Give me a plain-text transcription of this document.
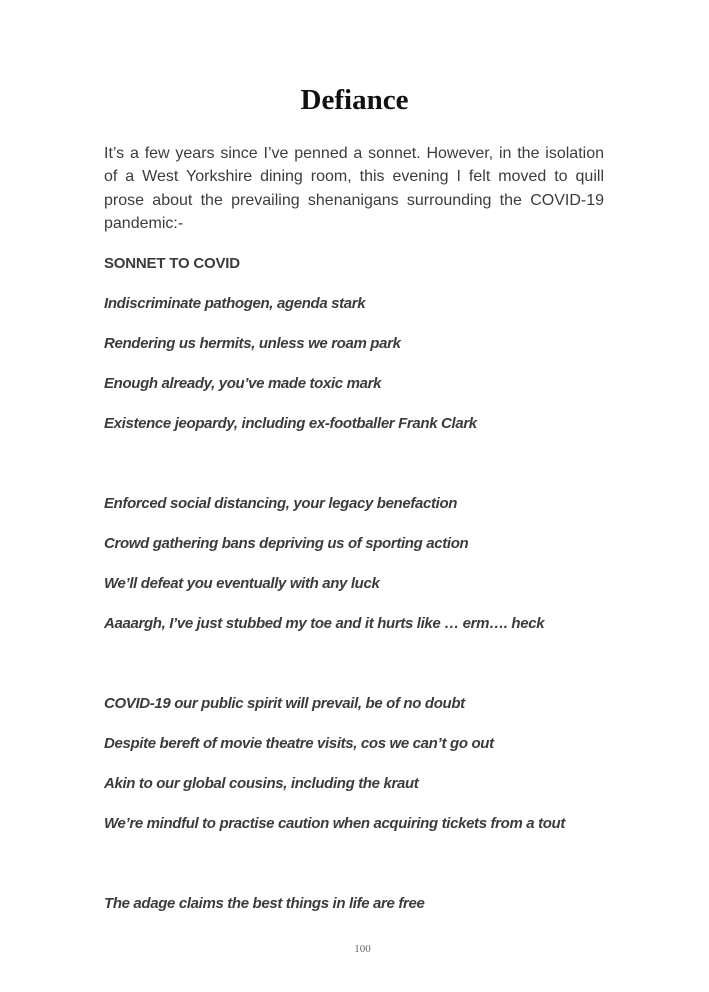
Defiance

It’s a few years since I’ve penned a sonnet. However, in the isolation of a West Yorkshire dining room, this evening I felt moved to quill prose about the prevailing shenanigans surrounding the COVID-19 pandemic:-

SONNET TO COVID

Indiscriminate pathogen, agenda stark

Rendering us hermits, unless we roam park

Enough already, you’ve made toxic mark

Existence jeopardy, including ex-footballer Frank Clark

Enforced social distancing, your legacy benefaction

Crowd gathering bans depriving us of sporting action

We’ll defeat you eventually with any luck

Aaaargh, I’ve just stubbed my toe and it hurts like … erm…. heck

COVID-19 our public spirit will prevail, be of no doubt

Despite bereft of movie theatre visits, cos we can’t go out

Akin to our global cousins, including the kraut

We’re mindful to practise caution when acquiring tickets from a tout

The adage claims the best things in life are free

100
